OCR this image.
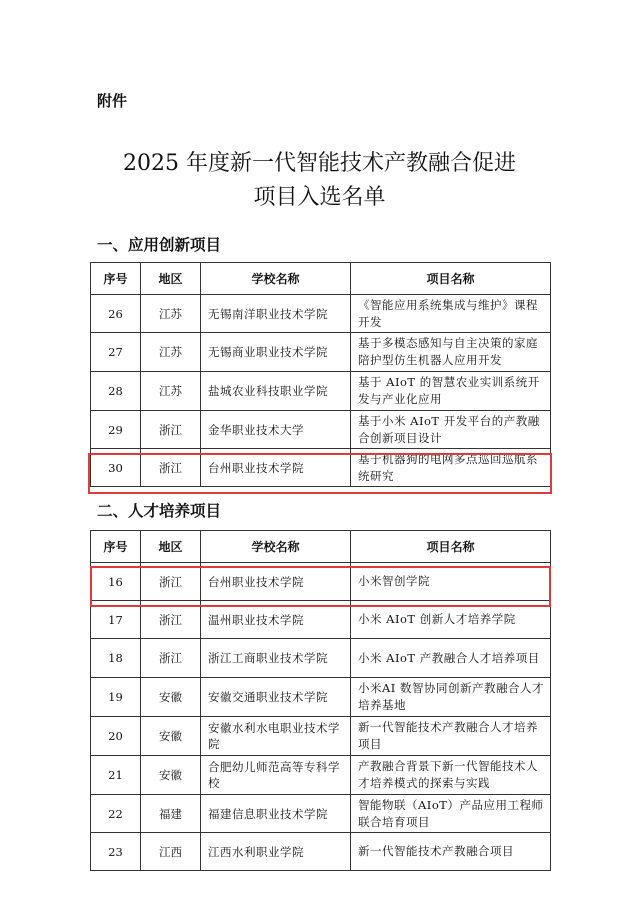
附件
2025 年度新一代智能技术产教融合促进
项目入选名单
一、应用创新项目
序号	地区	学校名称	项目名称
26	江苏	无锡南洋职业技术学院	《智能应用系统集成与维护》课程开发
27	江苏	无锡商业职业技术学院	基于多模态感知与自主决策的家庭陪护型仿生机器人应用开发
28	江苏	盐城农业科技职业学院	基于 AIoT 的智慧农业实训系统开发与产业化应用
29	浙江	金华职业技术大学	基于小米 AIoT 开发平台的产教融合创新项目设计
30	浙江	台州职业技术学院	基于机器狗的电网多点巡回巡航系统研究
二、人才培养项目
序号	地区	学校名称	项目名称
16	浙江	台州职业技术学院	小米智创学院
17	浙江	温州职业技术学院	小米 AIoT 创新人才培养学院
18	浙江	浙江工商职业技术学院	小米 AIoT 产教融合人才培养项目
19	安徽	安徽交通职业技术学院	小米AI 数智协同创新产教融合人才培养基地
20	安徽	安徽水利水电职业技术学院	新一代智能技术产教融合人才培养项目
21	安徽	合肥幼儿师范高等专科学校	产教融合背景下新一代智能技术人才培养模式的探索与实践
22	福建	福建信息职业技术学院	智能物联（AIoT）产品应用工程师联合培育项目
23	江西	江西水利职业学院	新一代智能技术产教融合项目
